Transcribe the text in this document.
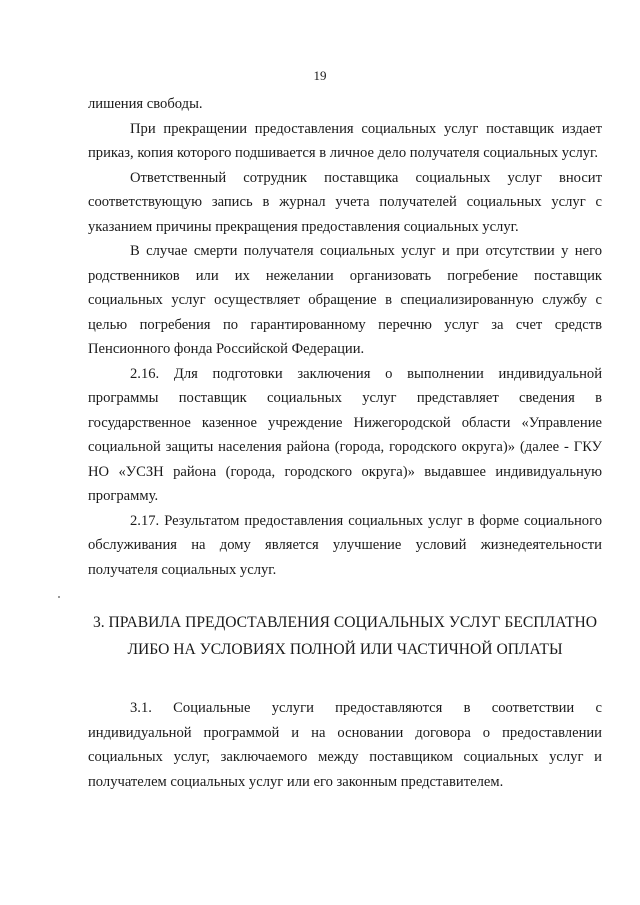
19

лишения свободы.

При прекращении предоставления социальных услуг поставщик издает приказ, копия которого подшивается в личное дело получателя социальных услуг.

Ответственный сотрудник поставщика социальных услуг вносит соответствующую запись в журнал учета получателей социальных услуг с указанием причины прекращения предоставления социальных услуг.

В случае смерти получателя социальных услуг и при отсутствии у него родственников или их нежелании организовать погребение поставщик социальных услуг осуществляет обращение в специализированную службу с целью погребения по гарантированному перечню услуг за счет средств Пенсионного фонда Российской Федерации.

2.16. Для подготовки заключения о выполнении индивидуальной программы поставщик социальных услуг представляет сведения в государственное казенное учреждение Нижегородской области «Управление социальной защиты населения района (города, городского округа)» (далее - ГКУ НО «УСЗН района (города, городского округа)» выдавшее индивидуальную программу.

2.17. Результатом предоставления социальных услуг в форме социального обслуживания на дому является улучшение условий жизнедеятельности получателя социальных услуг.

3. ПРАВИЛА ПРЕДОСТАВЛЕНИЯ СОЦИАЛЬНЫХ УСЛУГ БЕСПЛАТНО
ЛИБО НА УСЛОВИЯХ ПОЛНОЙ ИЛИ ЧАСТИЧНОЙ ОПЛАТЫ

3.1. Социальные услуги предоставляются в соответствии с индивидуальной программой и на основании договора о предоставлении социальных услуг, заключаемого между поставщиком социальных услуг и получателем социальных услуг или его законным представителем.
